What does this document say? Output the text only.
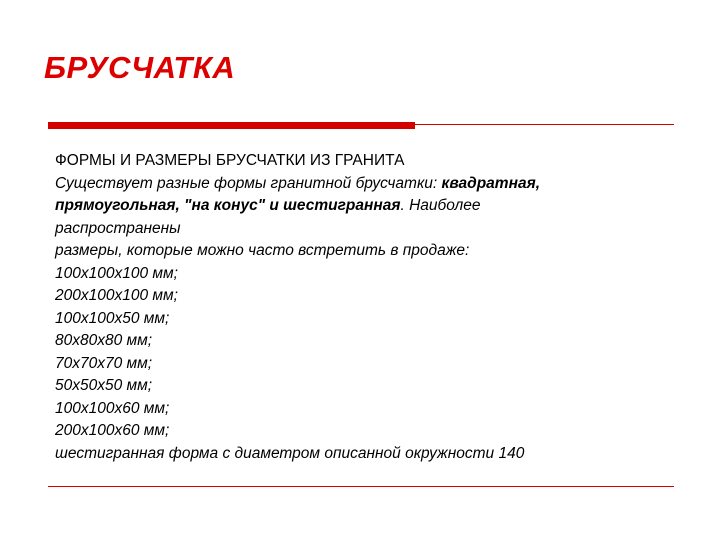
БРУСЧАТКА
ФОРМЫ И РАЗМЕРЫ БРУСЧАТКИ ИЗ ГРАНИТА
Существует разные формы гранитной брусчатки: квадратная,
прямоугольная, "на конус" и шестигранная. Наиболее
распространены
размеры, которые можно часто встретить в продаже:
100х100х100 мм;
200х100х100 мм;
100х100х50 мм;
80х80х80 мм;
70х70х70 мм;
50х50х50 мм;
100х100х60 мм;
200х100х60 мм;
шестигранная форма с диаметром описанной окружности 140
